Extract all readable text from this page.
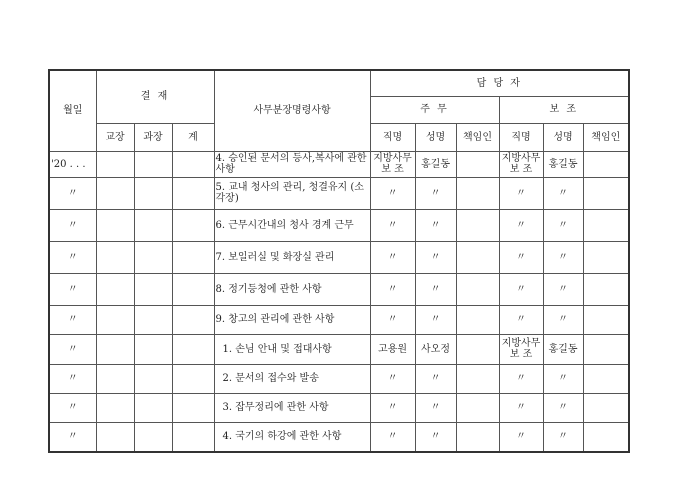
월일	결 재			사무분장명령사항	담 당 자					
					주 무			보 조		
	교장	과장	계		직명	성명	책임인	직명	성명	책임인
'20 . . .				4. 승인된 문서의 등사,복사에 관한 사항	지방사무 보 조	홍길동		지방사무 보 조	홍길동	
〃				5. 교내 청사의 관리, 청결유지 (소각장)	〃	〃		〃	〃	
〃				6. 근무시간내의 청사 경계 근무	〃	〃		〃	〃	
〃				7. 보일러실 및 화장실 관리	〃	〃		〃	〃	
〃				8. 정기등청에 관한 사항	〃	〃		〃	〃	
〃				9. 창고의 관리에 관한 사항	〃	〃		〃	〃	
〃				1. 손님 안내 및 접대사항	고용원	사오정		지방사무 보 조	홍길동	
〃				2. 문서의 접수와 발송	〃	〃		〃	〃	
〃				3. 잡무정리에 관한 사항	〃	〃		〃	〃	
〃				4. 국기의 하강에 관한 사항	〃	〃		〃	〃	
